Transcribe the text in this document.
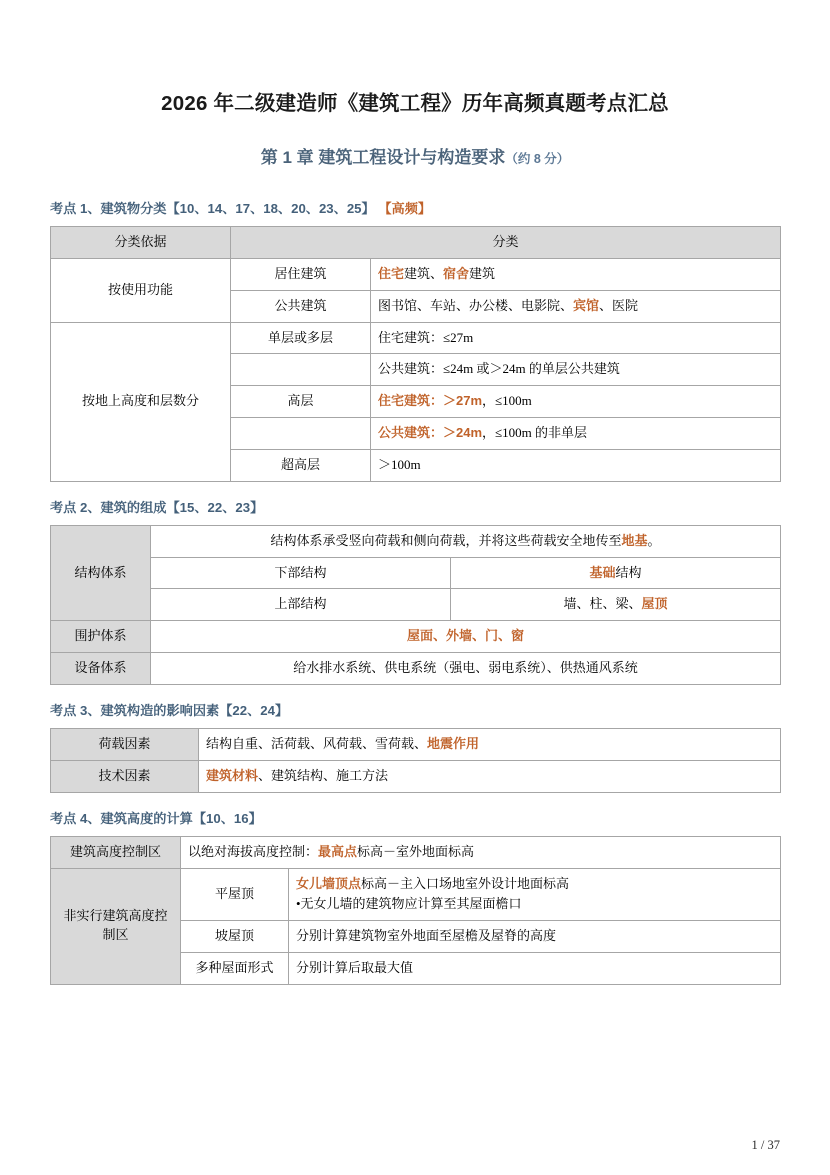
2026 年二级建造师《建筑工程》历年高频真题考点汇总
第 1 章 建筑工程设计与构造要求（约 8 分）
考点 1、建筑物分类【10、14、17、18、20、23、25】 【高频】
分类依据	分类	
按使用功能	居住建筑	住宅建筑、宿舍建筑
	公共建筑	图书馆、车站、办公楼、电影院、宾馆、医院
按地上高度和层数分	单层或多层	住宅建筑：≤27m
		公共建筑：≤24m 或＞24m 的单层公共建筑
	高层	住宅建筑：＞27m，≤100m
		公共建筑：＞24m，≤100m 的非单层
	超高层	＞100m
考点 2、建筑的组成【15、22、23】
结构体系	结构体系承受竖向荷载和侧向荷载，并将这些荷载安全地传至地基。	
	下部结构	基础结构
	上部结构	墙、柱、梁、屋顶
围护体系	屋面、外墙、门、窗	
设备体系	给水排水系统、供电系统（强电、弱电系统）、供热通风系统	
考点 3、建筑构造的影响因素【22、24】
荷载因素	结构自重、活荷载、风荷载、雪荷载、地震作用
技术因素	建筑材料、建筑结构、施工方法
考点 4、建筑高度的计算【10、16】
建筑高度控制区	以绝对海拔高度控制：最高点标高－室外地面标高	
非实行建筑高度控制区	平屋顶	女儿墙顶点标高－主入口场地室外设计地面标高
•无女儿墙的建筑物应计算至其屋面檐口

	坡屋顶	分别计算建筑物室外地面至屋檐及屋脊的高度
	多种屋面形式	分别计算后取最大值
1 / 37
